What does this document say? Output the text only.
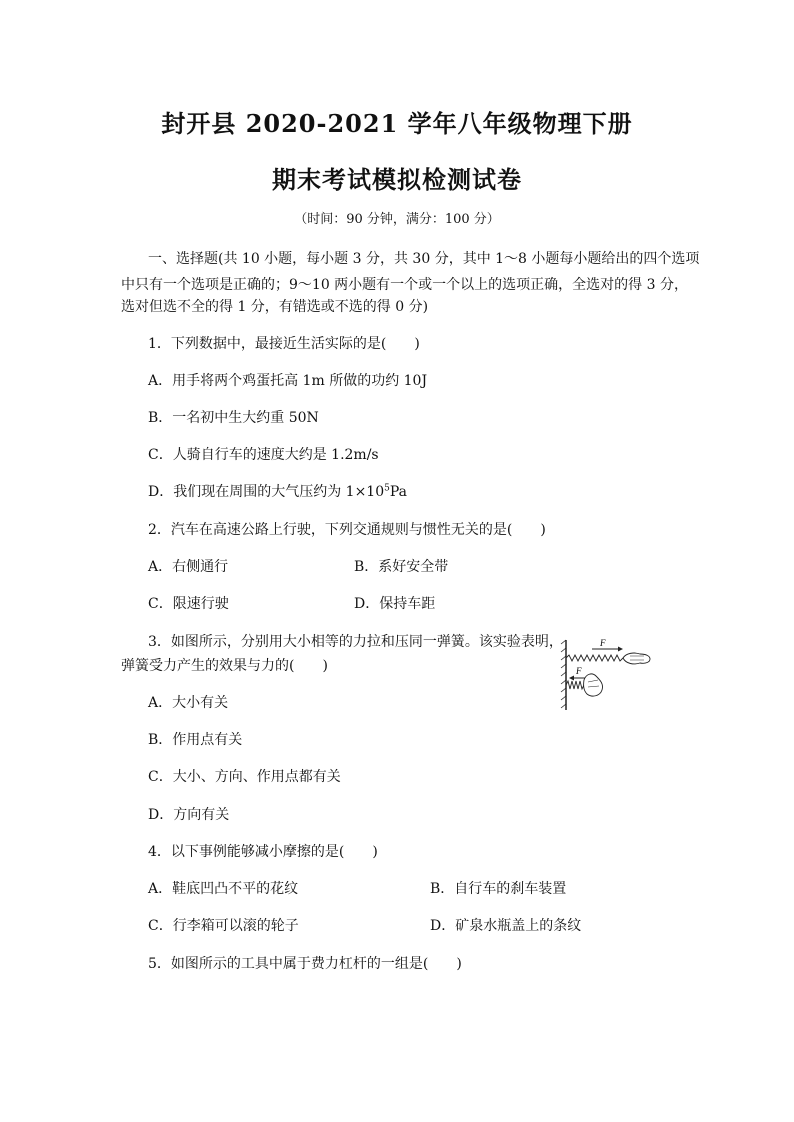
封开县 2020-2021 学年八年级物理下册
期末考试模拟检测试卷
（时间：90 分钟，满分：100 分）
一、选择题(共 10 小题，每小题 3 分，共 30 分，其中 1～8 小题每小题给出的四个选项
中只有一个选项是正确的；9～10 两小题有一个或一个以上的选项正确，全选对的得 3 分，
选对但选不全的得 1 分，有错选或不选的得 0 分)
1．下列数据中，最接近生活实际的是(　　)
A．用手将两个鸡蛋托高 1m 所做的功约 10J
B．一名初中生大约重 50N
C．人骑自行车的速度大约是 1.2m/s
D．我们现在周围的大气压约为 $1\times 10^5Pa$
2．汽车在高速公路上行驶，下列交通规则与惯性无关的是(　　)
A．右侧通行	B．系好安全带
C．限速行驶	D．保持车距
3．如图所示，分别用大小相等的力拉和压同一弹簧。该实验表明，
弹簧受力产生的效果与力的(　　)
F
F
A．大小有关
B．作用点有关
C．大小、方向、作用点都有关
D．方向有关
4．以下事例能够减小摩擦的是(　　)
A．鞋底凹凸不平的花纹	B．自行车的刹车装置
C．行李箱可以滚的轮子	D．矿泉水瓶盖上的条纹
5．如图所示的工具中属于费力杠杆的一组是(　　)
